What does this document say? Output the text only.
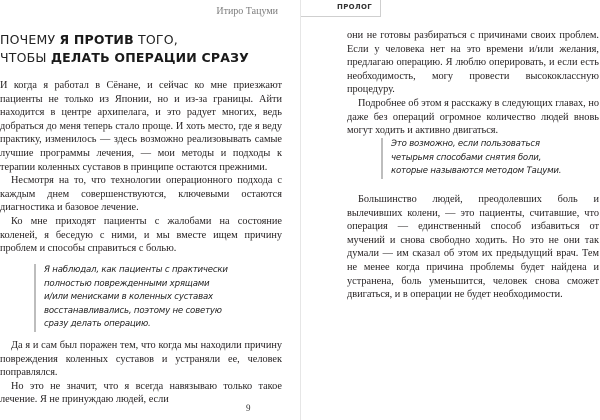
Итиро Тацуми
ПОЧЕМУ Я ПРОТИВ ТОГО,
ЧТОБЫ ДЕЛАТЬ ОПЕРАЦИИ СРАЗУ

И когда я работал в Сёнане, и сейчас ко мне приезжают пациенты не только из Японии, но и из-за границы. Айти находится в центре архипелага, и это радует многих, ведь добраться до меня теперь стало проще. И хоть место, где я веду практику, изменилось — здесь возможно реализовывать самые лучшие программы лечения, — мои методы и подходы к терапии коленных суставов в принципе остаются прежними.

Несмотря на то, что технологии операционного подхода с каждым днем совершенствуются, ключевыми остаются диагностика и базовое лечение.

Ко мне приходят пациенты с жалобами на состояние коленей, я беседую с ними, и мы вместе ищем причину проблем и способы справиться с болью.

Я наблюдал, как пациенты с практически
полностью поврежденными хрящами
и/или менисками в коленных суставах
восстанавливались, поэтому не советую
сразу делать операцию.

Да я и сам был поражен тем, что когда мы находили причину повреждения коленных суставов и устраняли ее, человек поправлялся.

Но это не значит, что я всегда навязываю только такое лечение. Я не принуждаю людей, если

9
ПРОЛОГ

они не готовы разбираться с причинами своих проблем. Если у человека нет на это времени и/или желания, предлагаю операцию. Я люблю оперировать, и если есть необходимость, могу провести высококлассную процедуру.

Подробнее об этом я расскажу в следующих главах, но даже без операций огромное количество людей вновь могут ходить и активно двигаться.

Это возможно, если пользоваться
четырьмя способами снятия боли,
которые называются методом Тацуми.

Большинство людей, преодолевших боль и вылечивших колени, — это пациенты, считавшие, что операция — единственный способ избавиться от мучений и снова свободно ходить. Но это не они так думали — им сказал об этом их предыдущий врач. Тем не менее когда причина проблемы будет найдена и устранена, боль уменьшится, человек снова сможет двигаться, и в операции не будет необходимости.
